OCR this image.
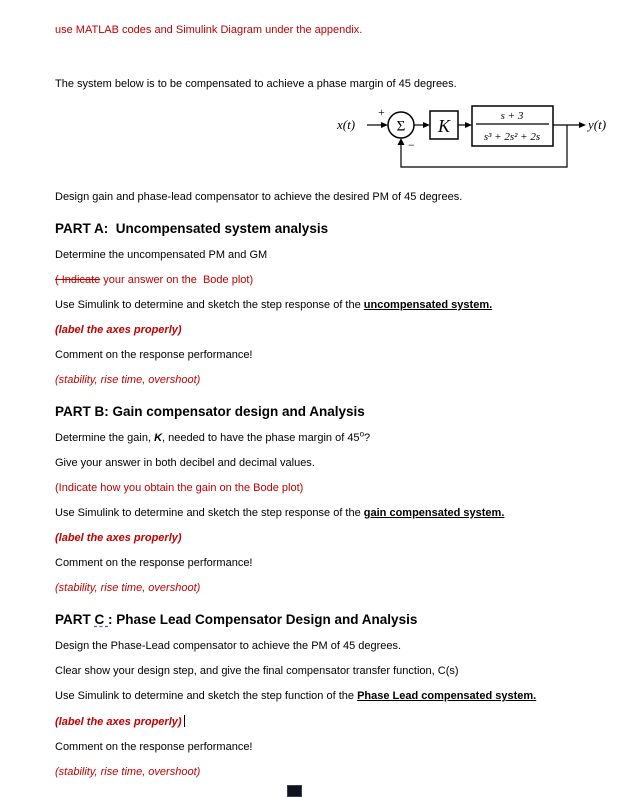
use MATLAB codes and Simulink Diagram under the appendix.

The system below is to be compensated to achieve a phase margin of 45 degrees.

x(t)
+
Σ
−
K	s + 3
s³ + 2s² + 2s
y(t)

Design gain and phase-lead compensator to achieve the desired PM of 45 degrees.

PART A:  Uncompensated system analysis

Determine the uncompensated PM and GM

( Indicate your answer on the  Bode plot)

Use Simulink to determine and sketch the step response of the uncompensated system.

(label the axes properly)

Comment on the response performance!

(stability, rise time, overshoot)

PART B: Gain compensator design and Analysis

Determine the gain, K, needed to have the phase margin of 45$^o$?

Give your answer in both decibel and decimal values.

(Indicate how you obtain the gain on the Bode plot)

Use Simulink to determine and sketch the step response of the gain compensated system.

(label the axes properly)

Comment on the response performance!

(stability, rise time, overshoot)

PART C : Phase Lead Compensator Design and Analysis

Design the Phase-Lead compensator to achieve the PM of 45 degrees.

Clear show your design step, and give the final compensator transfer function, C(s)

Use Simulink to determine and sketch the step function of the Phase Lead compensated system.

(label the axes properly)

Comment on the response performance!

(stability, rise time, overshoot)
